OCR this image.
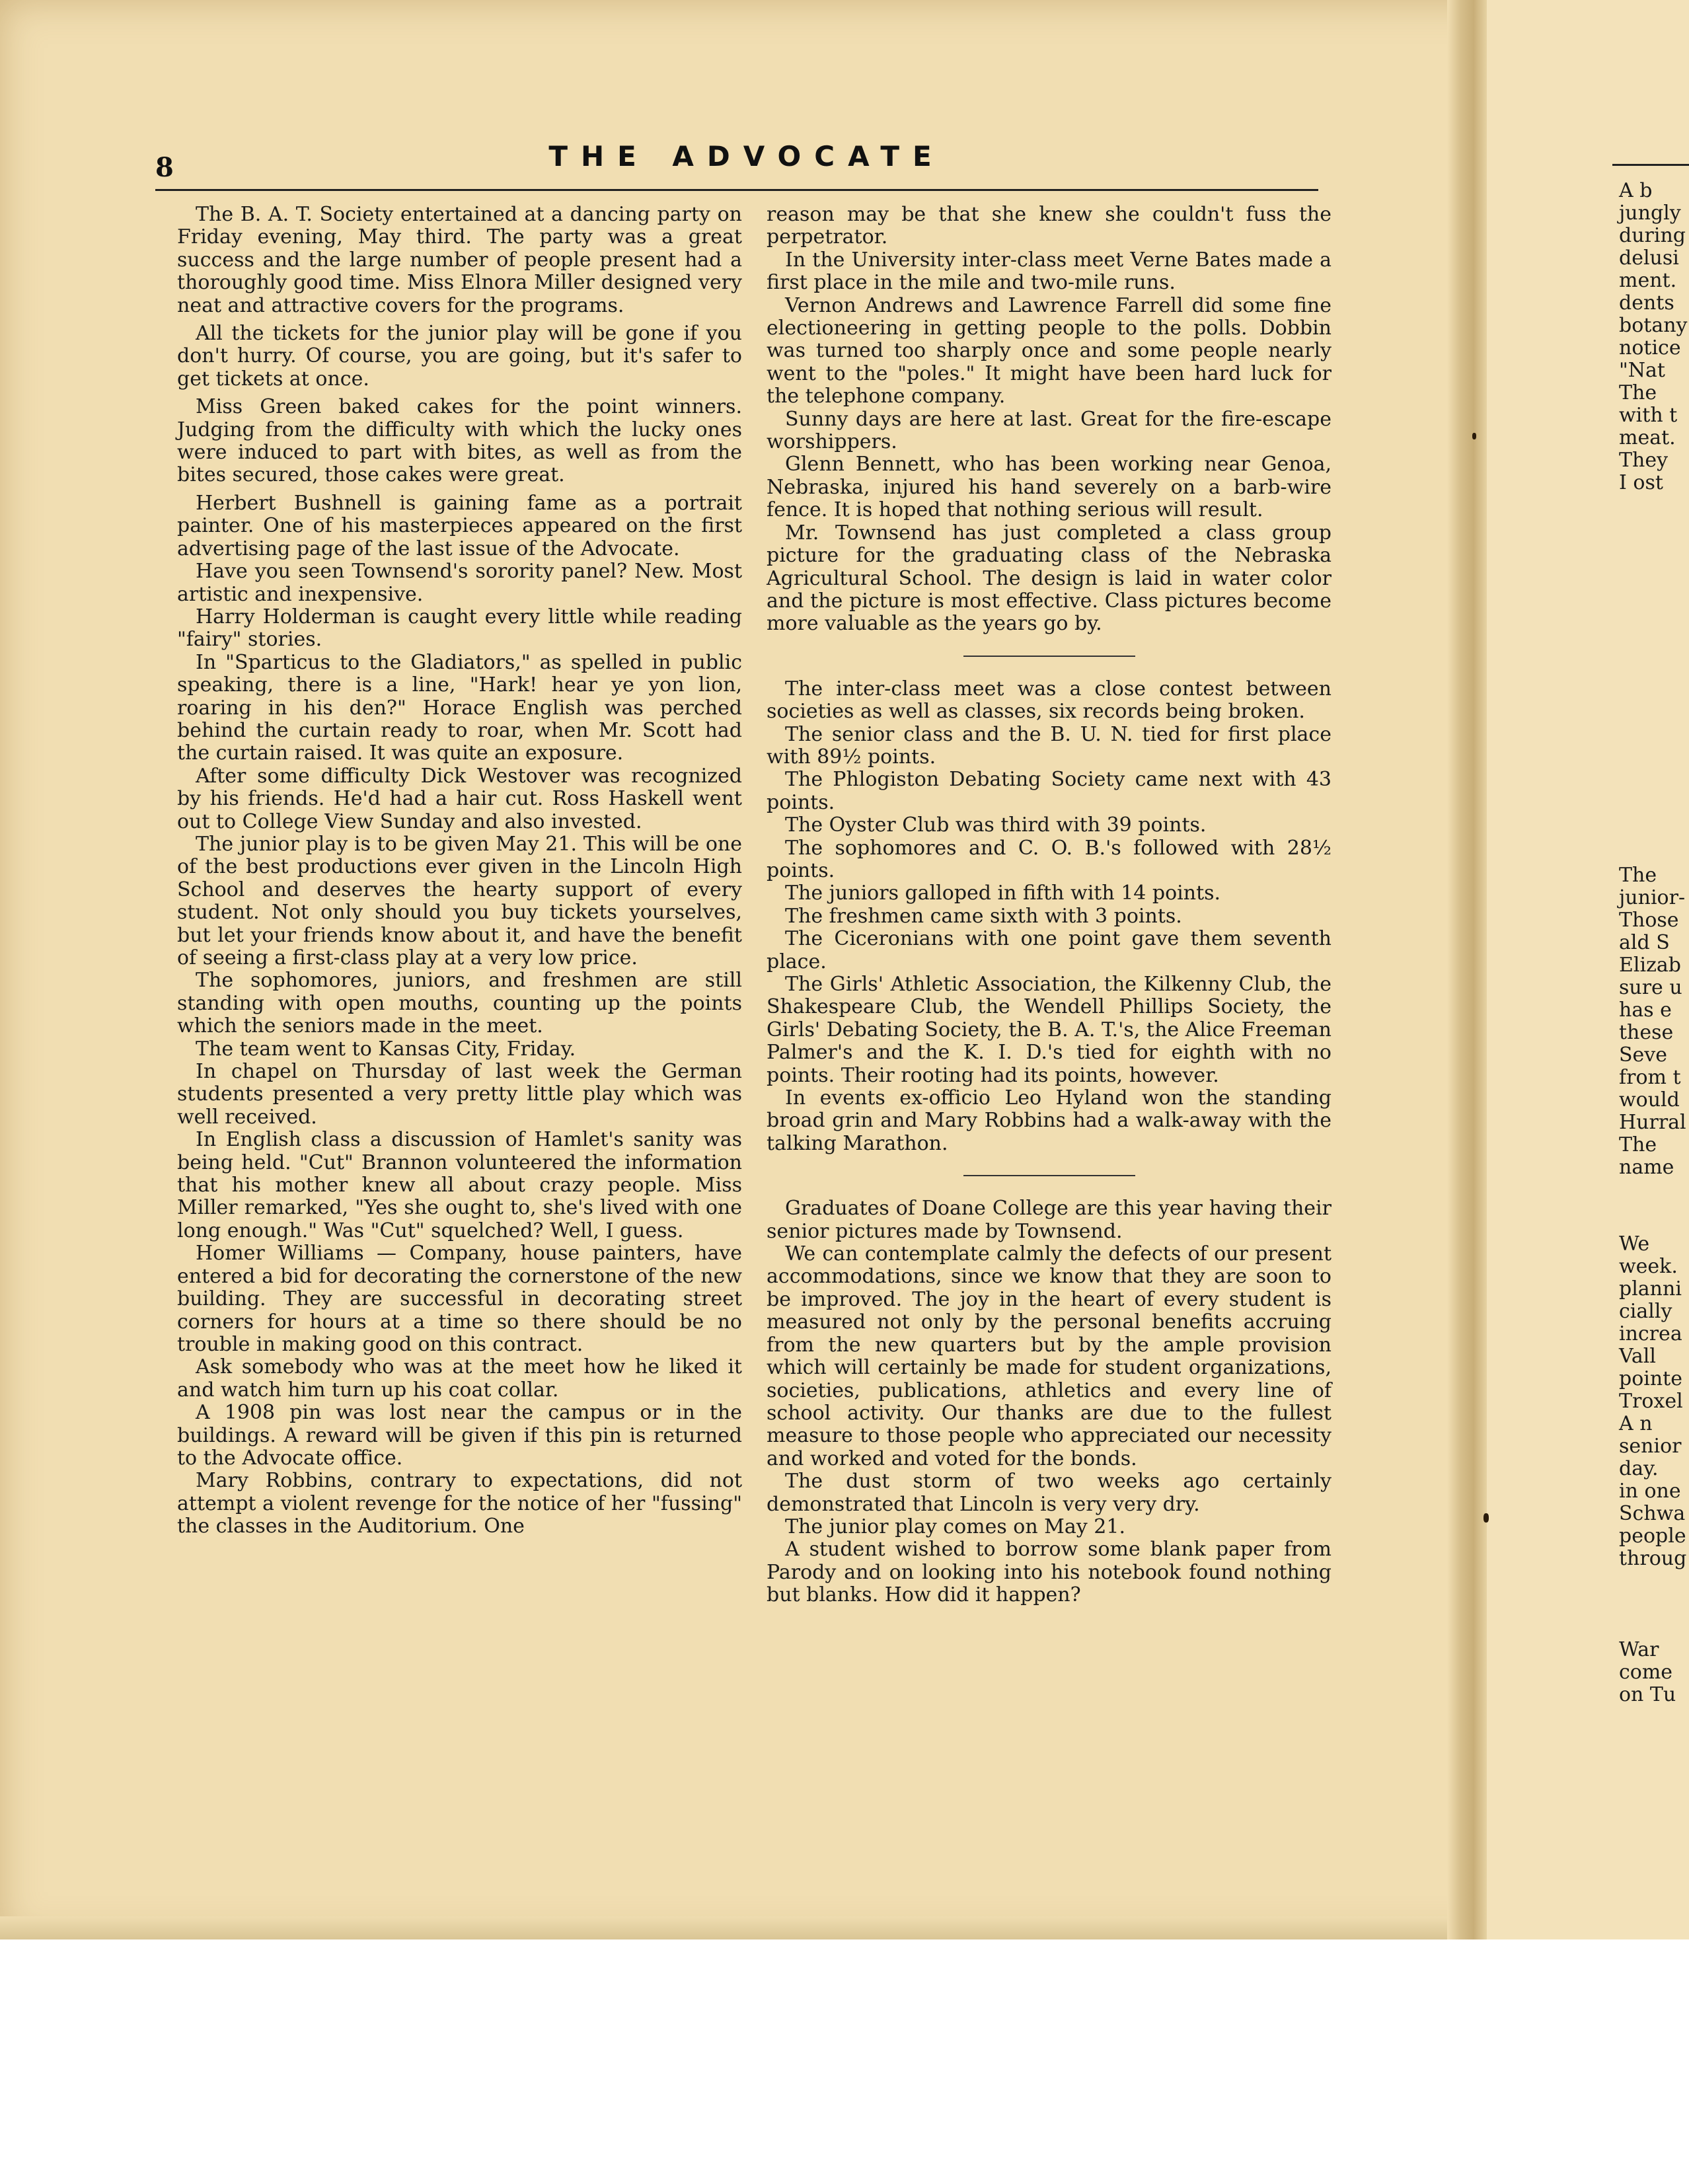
8	THE ADVOCATE

The B. A. T. Society entertained at a dancing party on Friday evening, May third. The party was a great success and the large number of people present had a thoroughly good time. Miss Elnora Miller designed very neat and attractive covers for the programs.

All the tickets for the junior play will be gone if you don't hurry. Of course, you are going, but it's safer to get tickets at once.

Miss Green baked cakes for the point winners. Judging from the difficulty with which the lucky ones were induced to part with bites, as well as from the bites secured, those cakes were great.

Herbert Bushnell is gaining fame as a portrait painter. One of his masterpieces appeared on the first advertising page of the last issue of the Advocate.

Have you seen Townsend's sorority panel? New. Most artistic and inexpensive.

Harry Holderman is caught every little while reading "fairy" stories.

In "Sparticus to the Gladiators," as spelled in public speaking, there is a line, "Hark! hear ye yon lion, roaring in his den?" Horace English was perched behind the curtain ready to roar, when Mr. Scott had the curtain raised. It was quite an exposure.

After some difficulty Dick Westover was recognized by his friends. He'd had a hair cut. Ross Haskell went out to College View Sunday and also invested.

The junior play is to be given May 21. This will be one of the best productions ever given in the Lincoln High School and deserves the hearty support of every student. Not only should you buy tickets yourselves, but let your friends know about it, and have the benefit of seeing a first-class play at a very low price.

The sophomores, juniors, and freshmen are still standing with open mouths, counting up the points which the seniors made in the meet.

The team went to Kansas City, Friday.

In chapel on Thursday of last week the German students presented a very pretty little play which was well received.

In English class a discussion of Hamlet's sanity was being held. "Cut" Brannon volunteered the information that his mother knew all about crazy people. Miss Miller remarked, "Yes she ought to, she's lived with one long enough." Was "Cut" squelched? Well, I guess.

Homer Williams — Company, house painters, have entered a bid for decorating the cornerstone of the new building. They are successful in decorating street corners for hours at a time so there should be no trouble in making good on this contract.

Ask somebody who was at the meet how he liked it and watch him turn up his coat collar.

A 1908 pin was lost near the campus or in the buildings. A reward will be given if this pin is returned to the Advocate office.

Mary Robbins, contrary to expectations, did not attempt a violent revenge for the notice of her "fussing" the classes in the Auditorium. One

reason may be that she knew she couldn't fuss the perpetrator.

In the University inter-class meet Verne Bates made a first place in the mile and two-mile runs.

Vernon Andrews and Lawrence Farrell did some fine electioneering in getting people to the polls. Dobbin was turned too sharply once and some people nearly went to the "poles." It might have been hard luck for the telephone company.

Sunny days are here at last. Great for the fire-escape worshippers.

Glenn Bennett, who has been working near Genoa, Nebraska, injured his hand severely on a barb-wire fence. It is hoped that nothing serious will result.

Mr. Townsend has just completed a class group picture for the graduating class of the Nebraska Agricultural School. The design is laid in water color and the picture is most effective. Class pictures become more valuable as the years go by.

The inter-class meet was a close contest between societies as well as classes, six records being broken.

The senior class and the B. U. N. tied for first place with 89½ points.

The Phlogiston Debating Society came next with 43 points.

The Oyster Club was third with 39 points.

The sophomores and C. O. B.'s followed with 28½ points.

The juniors galloped in fifth with 14 points.

The freshmen came sixth with 3 points.

The Ciceronians with one point gave them seventh place.

The Girls' Athletic Association, the Kilkenny Club, the Shakespeare Club, the Wendell Phillips Society, the Girls' Debating Society, the B. A. T.'s, the Alice Freeman Palmer's and the K. I. D.'s tied for eighth with no points. Their rooting had its points, however.

In events ex-officio Leo Hyland won the standing broad grin and Mary Robbins had a walk-away with the talking Marathon.

Graduates of Doane College are this year having their senior pictures made by Townsend.

We can contemplate calmly the defects of our present accommodations, since we know that they are soon to be improved. The joy in the heart of every student is measured not only by the personal benefits accruing from the new quarters but by the ample provision which will certainly be made for student organizations, societies, publications, athletics and every line of school activity. Our thanks are due to the fullest measure to those people who appreciated our necessity and worked and voted for the bonds.

The dust storm of two weeks ago certainly demonstrated that Lincoln is very very dry.

The junior play comes on May 21.

A student wished to borrow some blank paper from Parody and on looking into his notebook found nothing but blanks. How did it happen?

A b
jungly
during
delusi
ment.
dents
botany
notice
"Nat
The
with t
meat.
They
I ost
The
junior-
Those
ald S
Elizab
sure u
has e
these
Seve
from t
would
Hurral
The
name
We
week.
planni
cially
increa
Vall
pointe
Troxel
A n
senior
day.
in one
Schwa
people
throug
War
come
on Tu
